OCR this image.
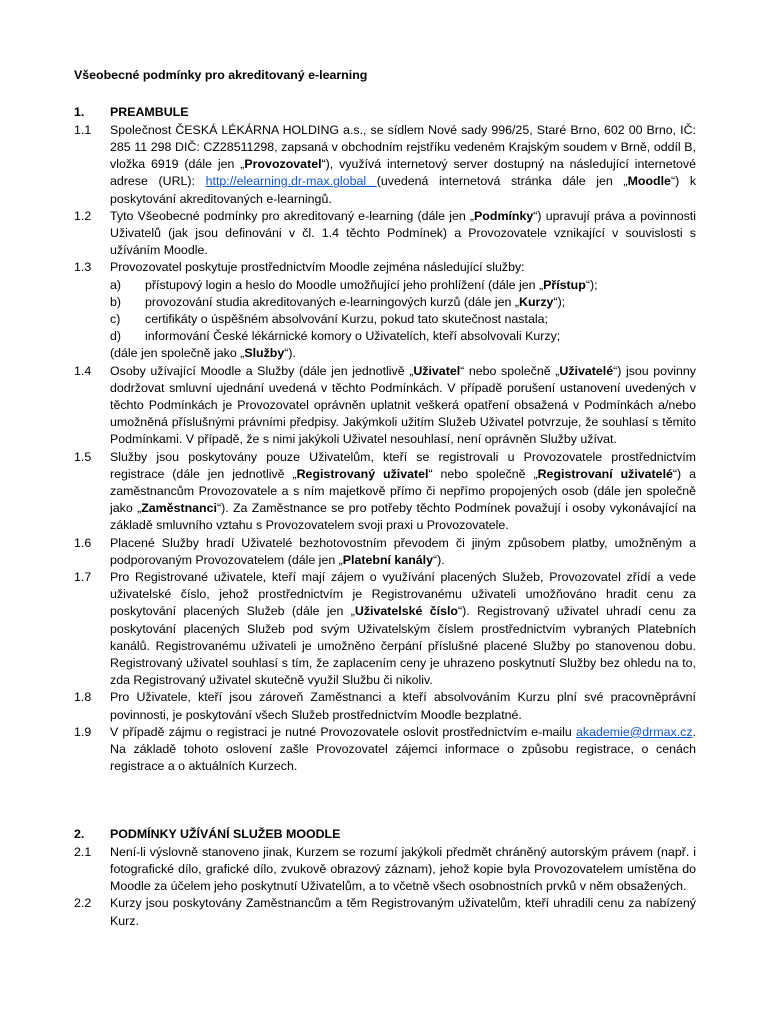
Všeobecné podmínky pro akreditovaný e-learning
1.	PREAMBULE
1.1	Společnost ČESKÁ LÉKÁRNA HOLDING a.s., se sídlem Nové sady 996/25, Staré Brno, 602 00 Brno, IČ: 285 11 298 DIČ: CZ28511298, zapsaná v obchodním rejstříku vedeném Krajským soudem v Brně, oddíl B, vložka 6919 (dále jen „Provozovatel“), využívá internetový server dostupný na následující internetové adrese (URL): http://elearning.dr-max.global (uvedená internetová stránka dále jen „Moodle“) k poskytování akreditovaných e-learningů.
1.2	Tyto Všeobecné podmínky pro akreditovaný e-learning (dále jen „Podmínky“) upravují práva a povinnosti Uživatelů (jak jsou definováni v čl. 1.4 těchto Podmínek) a Provozovatele vznikající v souvislosti s užíváním Moodle.
1.3	Provozovatel poskytuje prostřednictvím Moodle zejména následující služby:
a)	přístupový login a heslo do Moodle umožňující jeho prohlížení (dále jen „Přístup“);
b)	provozování studia akreditovaných e-learningových kurzů (dále jen „Kurzy“);
c)	certifikáty o úspěšném absolvování Kurzu, pokud tato skutečnost nastala;
d)	informování České lékárnické komory o Uživatelích, kteří absolvovali Kurzy;
(dále jen společně jako „Služby“).
1.4	Osoby užívající Moodle a Služby (dále jen jednotlivě „Uživatel“ nebo společně „Uživatelé“) jsou povinny dodržovat smluvní ujednání uvedená v těchto Podmínkách. V případě porušení ustanovení uvedených v těchto Podmínkách je Provozovatel oprávněn uplatnit veškerá opatření obsažená v Podmínkách a/nebo umožněná příslušnými právními předpisy. Jakýmkoli užitím Služeb Uživatel potvrzuje, že souhlasí s těmito Podmínkami. V případě, že s nimi jakýkoli Uživatel nesouhlasí, není oprávněn Služby užívat.
1.5	Služby jsou poskytovány pouze Uživatelům, kteří se registrovali u Provozovatele prostřednictvím registrace (dále jen jednotlivě „Registrovaný uživatel“ nebo společně „Registrovaní uživatelé“) a zaměstnancům Provozovatele a s ním majetkově přímo či nepřímo propojených osob (dále jen společně jako „Zaměstnanci“). Za Zaměstnance se pro potřeby těchto Podmínek považují i osoby vykonávající na základě smluvního vztahu s Provozovatelem svoji praxi u Provozovatele.
1.6	Placené Služby hradí Uživatelé bezhotovostním převodem či jiným způsobem platby, umožněným a podporovaným Provozovatelem (dále jen „Platební kanály“).
1.7	Pro Registrované uživatele, kteří mají zájem o využívání placených Služeb, Provozovatel zřídí a vede uživatelské číslo, jehož prostřednictvím je Registrovanému uživateli umožňováno hradit cenu za poskytování placených Služeb (dále jen „Uživatelské číslo“). Registrovaný uživatel uhradí cenu za poskytování placených Služeb pod svým Uživatelským číslem prostřednictvím vybraných Platebních kanálů. Registrovanému uživateli je umožněno čerpání příslušné placené Služby po stanovenou dobu. Registrovaný uživatel souhlasí s tím, že zaplacením ceny je uhrazeno poskytnutí Služby bez ohledu na to, zda Registrovaný uživatel skutečně využil Službu či nikoliv.
1.8	Pro Uživatele, kteří jsou zároveň Zaměstnanci a kteří absolvováním Kurzu plní své pracovněprávní povinnosti, je poskytování všech Služeb prostřednictvím Moodle bezplatné.
1.9	V případě zájmu o registraci je nutné Provozovatele oslovit prostřednictvím e-mailu akademie@drmax.cz. Na základě tohoto oslovení zašle Provozovatel zájemci informace o způsobu registrace, o cenách registrace a o aktuálních Kurzech.
2.	PODMÍNKY UŽÍVÁNÍ SLUŽEB MOODLE
2.1	Není-li výslovně stanoveno jinak, Kurzem se rozumí jakýkoli předmět chráněný autorským právem (např. i fotografické dílo, grafické dílo, zvukově obrazový záznam), jehož kopie byla Provozovatelem umístěna do Moodle za účelem jeho poskytnutí Uživatelům, a to včetně všech osobnostních prvků v něm obsažených.
2.2	Kurzy jsou poskytovány Zaměstnancům a těm Registrovaným uživatelům, kteří uhradili cenu za nabízený Kurz.
